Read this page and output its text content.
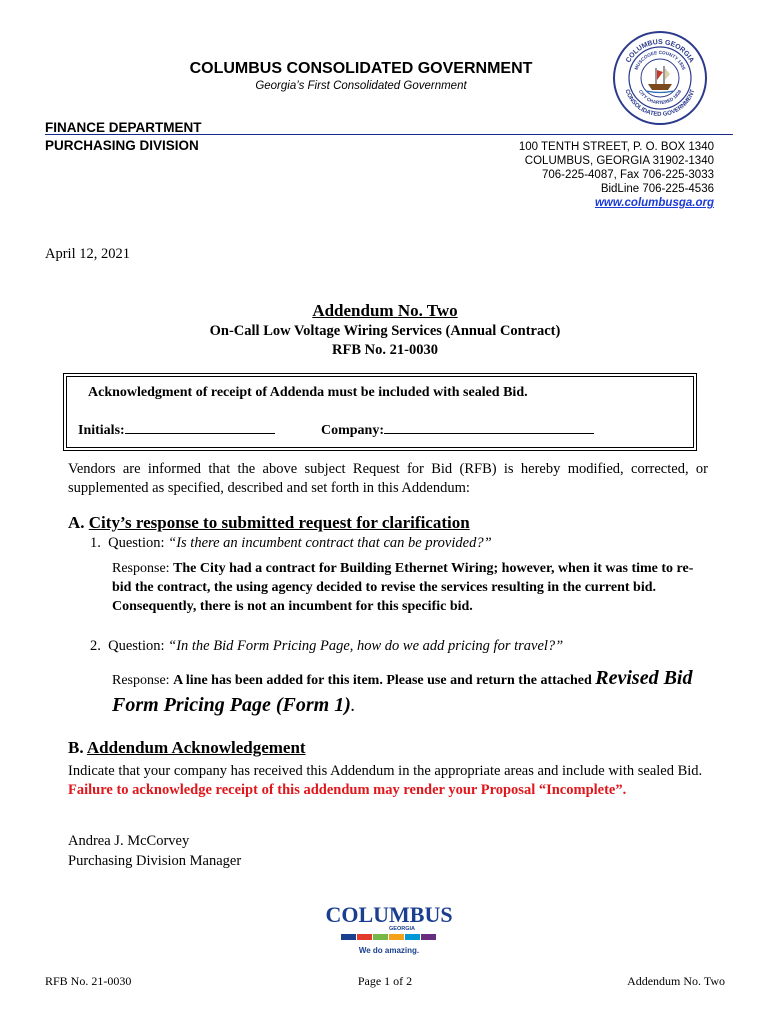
COLUMBUS CONSOLIDATED GOVERNMENT
Georgia’s First Consolidated Government
FINANCE DEPARTMENT
PURCHASING DIVISION	100 TENTH STREET, P. O. BOX 1340
COLUMBUS, GEORGIA 31902-1340
706-225-4087, Fax 706-225-3033
BidLine 706-225-4536
www.columbusga.org
COLUMBUS GEORGIA
CONSOLIDATED GOVERNMENT
MUSCOGEE COUNTY 1826
CITY CHARTERED 1828
April 12, 2021
Addendum No. Two
On-Call Low Voltage Wiring Services (Annual Contract)
RFB No. 21-0030
Acknowledgment of receipt of Addenda must be included with sealed Bid.
Initials:	Company:
Vendors are informed that the above subject Request for Bid (RFB) is hereby modified, corrected, or supplemented as specified, described and set forth in this Addendum:
A. City’s response to submitted request for clarification
1. Question: “Is there an incumbent contract that can be provided?”
Response: The City had a contract for Building Ethernet Wiring; however, when it was time to re-bid the contract, the using agency decided to revise the services resulting in the current bid. Consequently, there is not an incumbent for this specific bid.
2. Question: “In the Bid Form Pricing Page, how do we add pricing for travel?”
Response: A line has been added for this item. Please use and return the attached Revised Bid Form Pricing Page (Form 1).
B. Addendum Acknowledgement
Indicate that your company has received this Addendum in the appropriate areas and include with sealed Bid. Failure to acknowledge receipt of this addendum may render your Proposal “Incomplete”.
Andrea J. McCorvey
Purchasing Division Manager
COLUMBUS
GEORGIA
We do amazing.
RFB No. 21-0030	Page 1 of 2	Addendum No. Two
